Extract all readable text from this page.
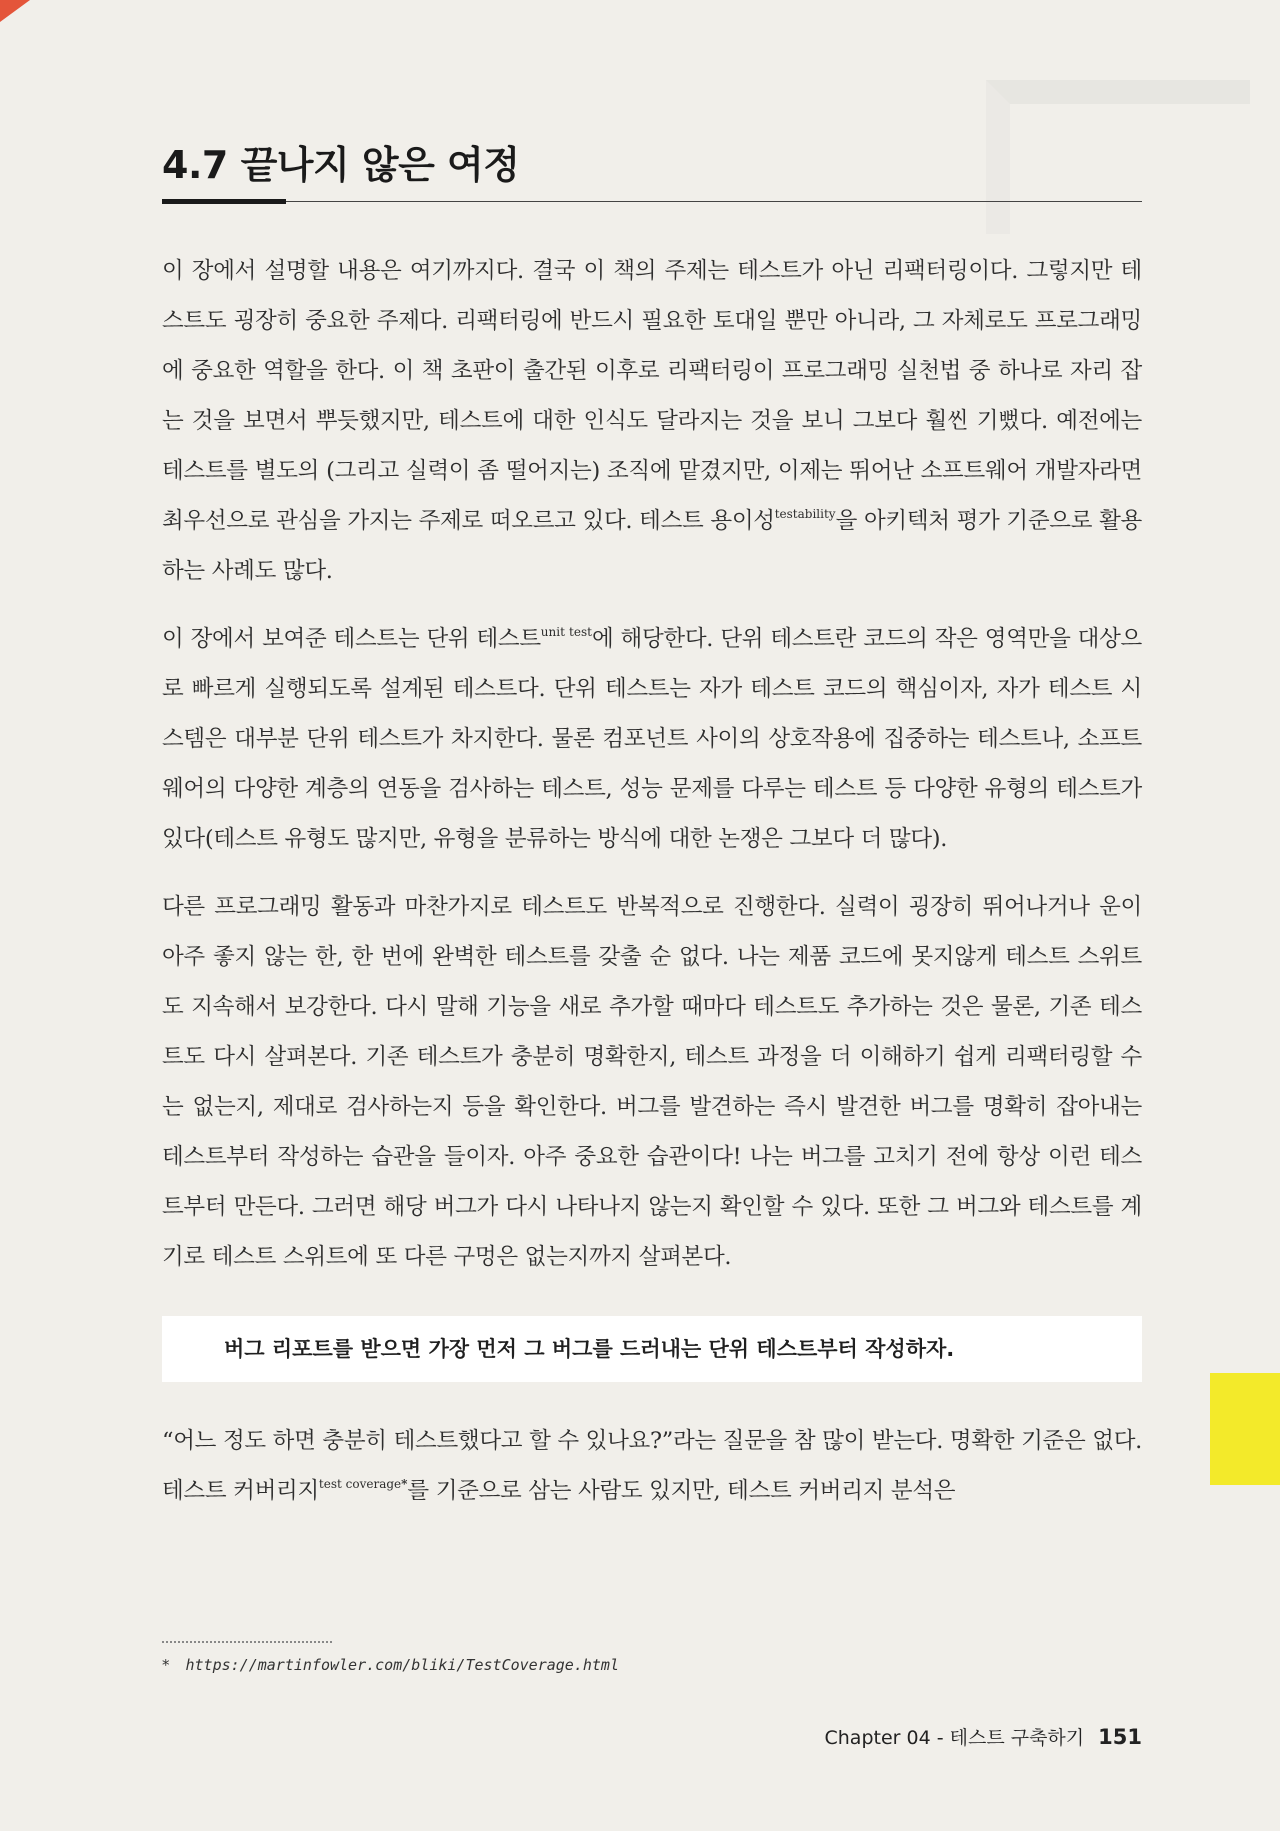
4.7 끝나지 않은 여정

이 장에서 설명할 내용은 여기까지다. 결국 이 책의 주제는 테스트가 아닌 리팩터링이다. 그렇지만 테스트도 굉장히 중요한 주제다. 리팩터링에 반드시 필요한 토대일 뿐만 아니라, 그 자체로도 프로그래밍에 중요한 역할을 한다. 이 책 초판이 출간된 이후로 리팩터링이 프로그래밍 실천법 중 하나로 자리 잡는 것을 보면서 뿌듯했지만, 테스트에 대한 인식도 달라지는 것을 보니 그보다 훨씬 기뻤다. 예전에는 테스트를 별도의 (그리고 실력이 좀 떨어지는) 조직에 맡겼지만, 이제는 뛰어난 소프트웨어 개발자라면 최우선으로 관심을 가지는 주제로 떠오르고 있다. 테스트 용이성$^{testability}$을 아키텍처 평가 기준으로 활용하는 사례도 많다.

이 장에서 보여준 테스트는 단위 테스트$^{unit test}$에 해당한다. 단위 테스트란 코드의 작은 영역만을 대상으로 빠르게 실행되도록 설계된 테스트다. 단위 테스트는 자가 테스트 코드의 핵심이자, 자가 테스트 시스템은 대부분 단위 테스트가 차지한다. 물론 컴포넌트 사이의 상호작용에 집중하는 테스트나, 소프트웨어의 다양한 계층의 연동을 검사하는 테스트, 성능 문제를 다루는 테스트 등 다양한 유형의 테스트가 있다(테스트 유형도 많지만, 유형을 분류하는 방식에 대한 논쟁은 그보다 더 많다).

다른 프로그래밍 활동과 마찬가지로 테스트도 반복적으로 진행한다. 실력이 굉장히 뛰어나거나 운이 아주 좋지 않는 한, 한 번에 완벽한 테스트를 갖출 순 없다. 나는 제품 코드에 못지않게 테스트 스위트도 지속해서 보강한다. 다시 말해 기능을 새로 추가할 때마다 테스트도 추가하는 것은 물론, 기존 테스트도 다시 살펴본다. 기존 테스트가 충분히 명확한지, 테스트 과정을 더 이해하기 쉽게 리팩터링할 수는 없는지, 제대로 검사하는지 등을 확인한다. 버그를 발견하는 즉시 발견한 버그를 명확히 잡아내는 테스트부터 작성하는 습관을 들이자. 아주 중요한 습관이다! 나는 버그를 고치기 전에 항상 이런 테스트부터 만든다. 그러면 해당 버그가 다시 나타나지 않는지 확인할 수 있다. 또한 그 버그와 테스트를 계기로 테스트 스위트에 또 다른 구멍은 없는지까지 살펴본다.

버그 리포트를 받으면 가장 먼저 그 버그를 드러내는 단위 테스트부터 작성하자.

“어느 정도 하면 충분히 테스트했다고 할 수 있나요?”라는 질문을 참 많이 받는다. 명확한 기준은 없다. 테스트 커버리지$^{test coverage*}$를 기준으로 삼는 사람도 있지만, 테스트 커버리지 분석은

* https://martinfowler.com/bliki/TestCoverage.html
Chapter 04 - 테스트 구축하기 151
